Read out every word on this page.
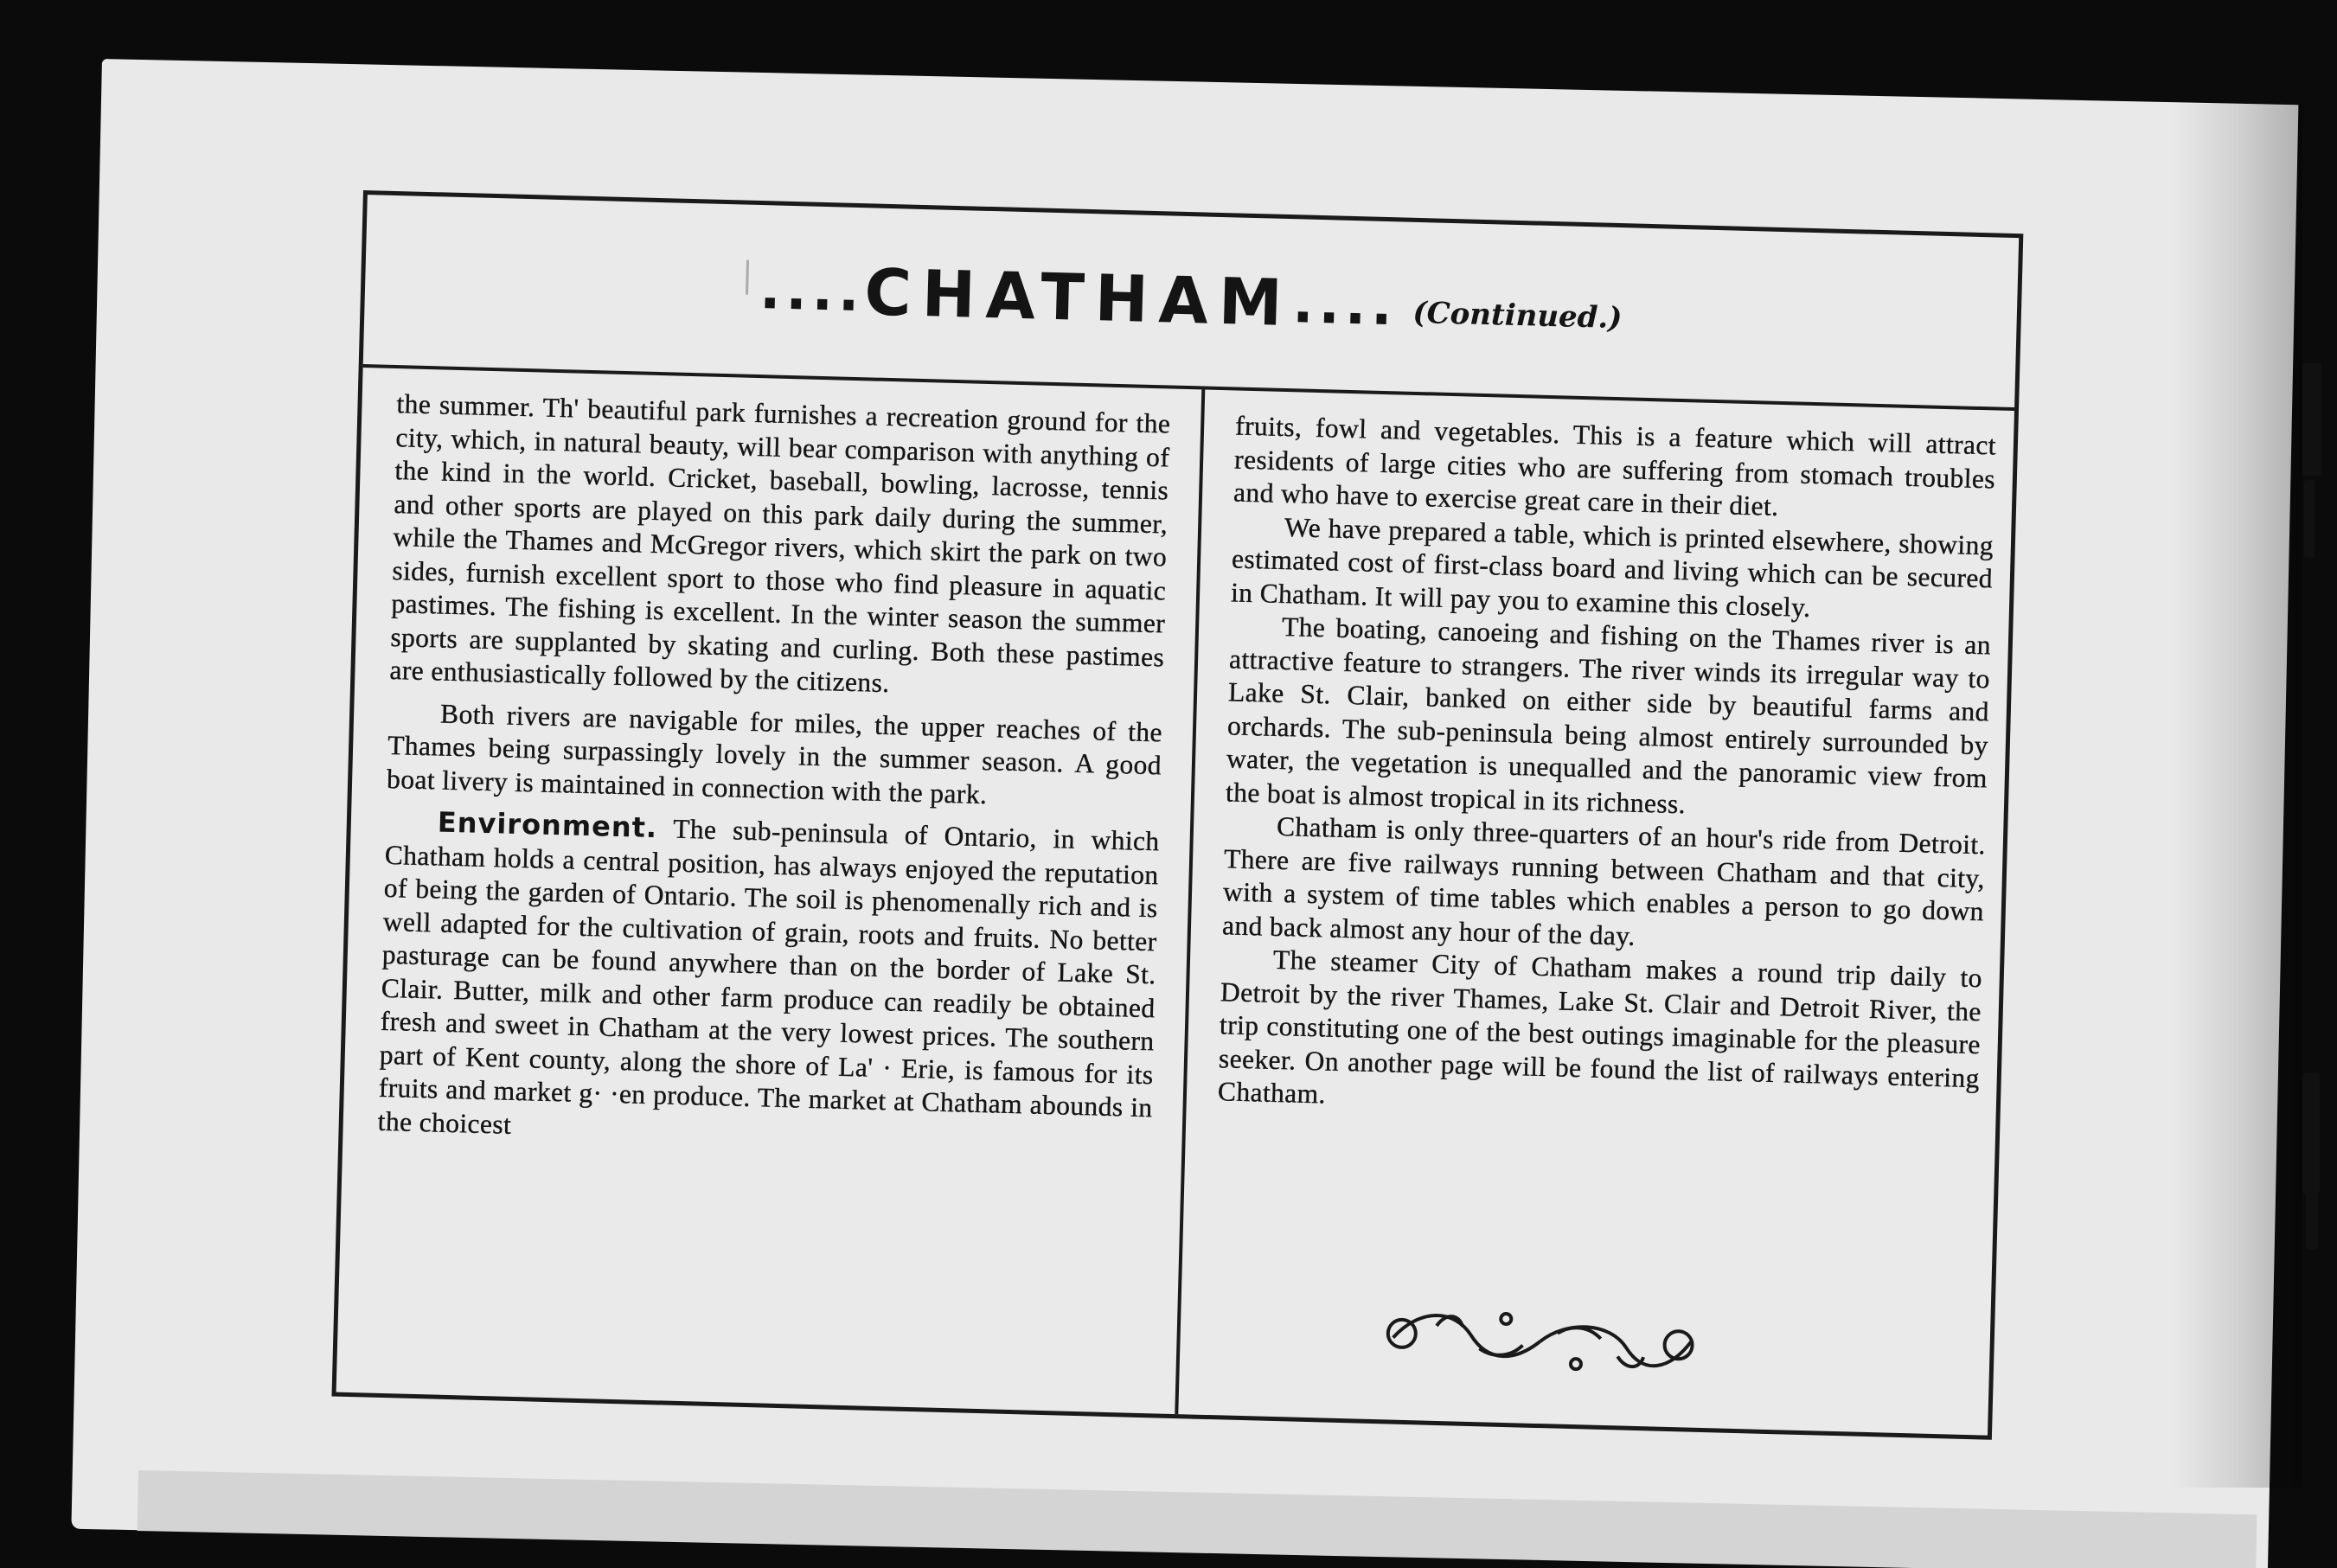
....
CHATHAM
.... (Continued.)

the summer. Th' beautiful park furnishes a recreation ground for the city, which, in natural beauty, will bear comparison with anything of the kind in the world. Cricket, baseball, bowling, lacrosse, tennis and other sports are played on this park daily during the summer, while the Thames and McGregor rivers, which skirt the park on two sides, furnish excellent sport to those who find pleasure in aquatic pastimes. The fishing is excellent. In the winter season the summer sports are supplanted by skating and curling. Both these pastimes are enthusiastically followed by the citizens.

Both rivers are navigable for miles, the upper reaches of the Thames being surpassingly lovely in the summer season. A good boat livery is maintained in connection with the park.

Environment. The sub-peninsula of Ontario, in which Chatham holds a central position, has always enjoyed the reputation of being the garden of Ontario. The soil is phenomenally rich and is well adapted for the cultivation of grain, roots and fruits. No better pasturage can be found anywhere than on the border of Lake St. Clair. Butter, milk and other farm produce can readily be obtained fresh and sweet in Chatham at the very lowest prices. The southern part of Kent county, along the shore of La' · Erie, is famous for its fruits and market g· ·en produce. The market at Chatham abounds in the choicest

fruits, fowl and vegetables. This is a feature which will attract residents of large cities who are suffering from stomach troubles and who have to exercise great care in their diet.

We have prepared a table, which is printed elsewhere, showing estimated cost of first-class board and living which can be secured in Chatham. It will pay you to examine this closely.

The boating, canoeing and fishing on the Thames river is an attractive feature to strangers. The river winds its irregular way to Lake St. Clair, banked on either side by beautiful farms and orchards. The sub-peninsula being almost entirely surrounded by water, the vegetation is unequalled and the panoramic view from the boat is almost tropical in its richness.

Chatham is only three-quarters of an hour's ride from Detroit. There are five railways running between Chatham and that city, with a system of time tables which enables a person to go down and back almost any hour of the day.

The steamer City of Chatham makes a round trip daily to Detroit by the river Thames, Lake St. Clair and Detroit River, the trip constituting one of the best outings imaginable for the pleasure seeker. On another page will be found the list of railways entering Chatham.
